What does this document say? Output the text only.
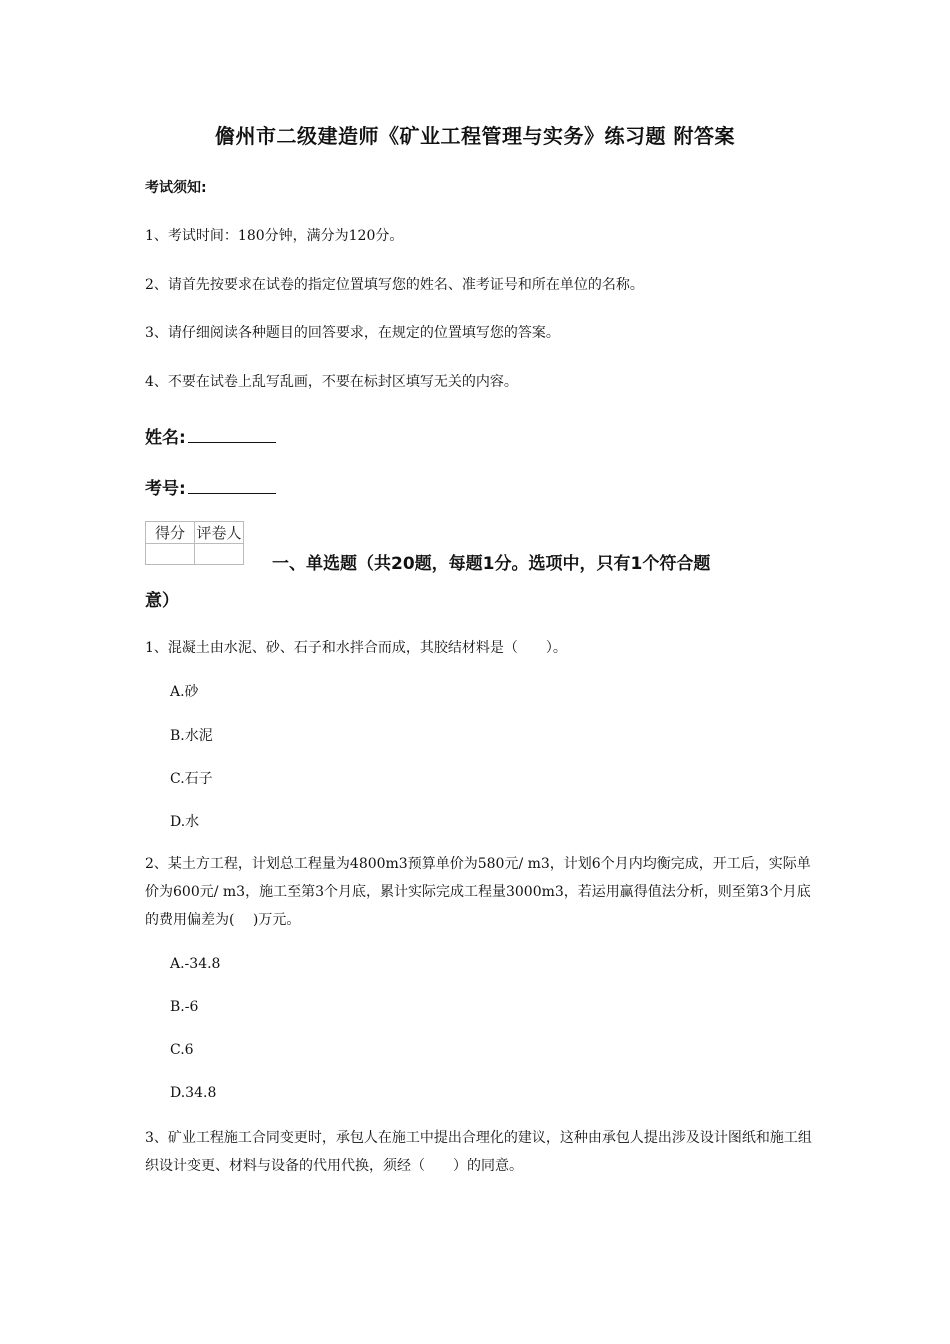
儋州市二级建造师《矿业工程管理与实务》练习题 附答案
考试须知:
1、考试时间：180分钟，满分为120分。
2、请首先按要求在试卷的指定位置填写您的姓名、准考证号和所在单位的名称。
3、请仔细阅读各种题目的回答要求，在规定的位置填写您的答案。
4、不要在试卷上乱写乱画，不要在标封区填写无关的内容。
姓名:
考号:
得分	评卷人

一、单选题（共20题，每题1分。选项中，只有1个符合题
意）
1、混凝土由水泥、砂、石子和水拌合而成，其胶结材料是（　　）。
A.砂
B.水泥
C.石子
D.水
2、某土方工程，计划总工程量为4800m3预算单价为580元/ m3，计划6个月内均衡完成，开工后，实际单价为600元/ m3，施工至第3个月底，累计实际完成工程量3000m3，若运用赢得值法分析，则至第3个月底的费用偏差为(　 )万元。
A.-34.8
B.-6
C.6
D.34.8
3、矿业工程施工合同变更时，承包人在施工中提出合理化的建议，这种由承包人提出涉及设计图纸和施工组织设计变更、材料与设备的代用代换，须经（　　）的同意。
